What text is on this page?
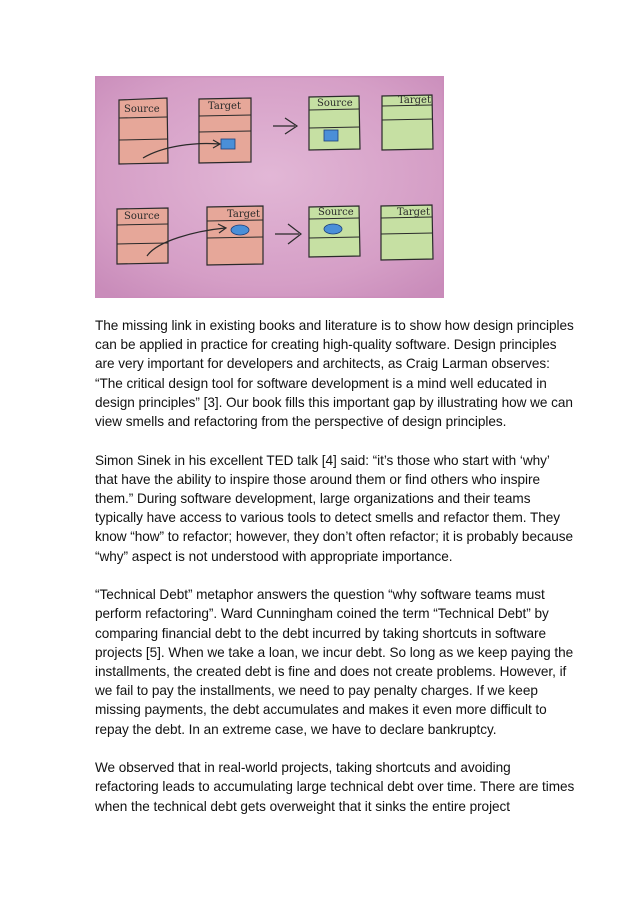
Source	Target	Source	Target
Source	Target	Source	Target

The missing link in existing books and literature is to show how design principles can be applied in practice for creating high-quality software. Design principles are very important for developers and architects, as Craig Larman observes: “The critical design tool for software development is a mind well educated in design principles” [3]. Our book fills this important gap by illustrating how we can view smells and refactoring from the perspective of design principles.

Simon Sinek in his excellent TED talk [4] said: “it’s those who start with ‘why’ that have the ability to inspire those around them or find others who inspire them.” During software development, large organizations and their teams typically have access to various tools to detect smells and refactor them. They know “how” to refactor; however, they don’t often refactor; it is probably because “why” aspect is not understood with appropriate importance.

“Technical Debt” metaphor answers the question “why software teams must perform refactoring”. Ward Cunningham coined the term “Technical Debt” by comparing financial debt to the debt incurred by taking shortcuts in software projects [5]. When we take a loan, we incur debt. So long as we keep paying the installments, the created debt is fine and does not create problems. However, if we fail to pay the installments, we need to pay penalty charges. If we keep missing payments, the debt accumulates and makes it even more difficult to repay the debt. In an extreme case, we have to declare bankruptcy.

We observed that in real-world projects, taking shortcuts and avoiding refactoring leads to accumulating large technical debt over time. There are times when the technical debt gets overweight that it sinks the entire project
